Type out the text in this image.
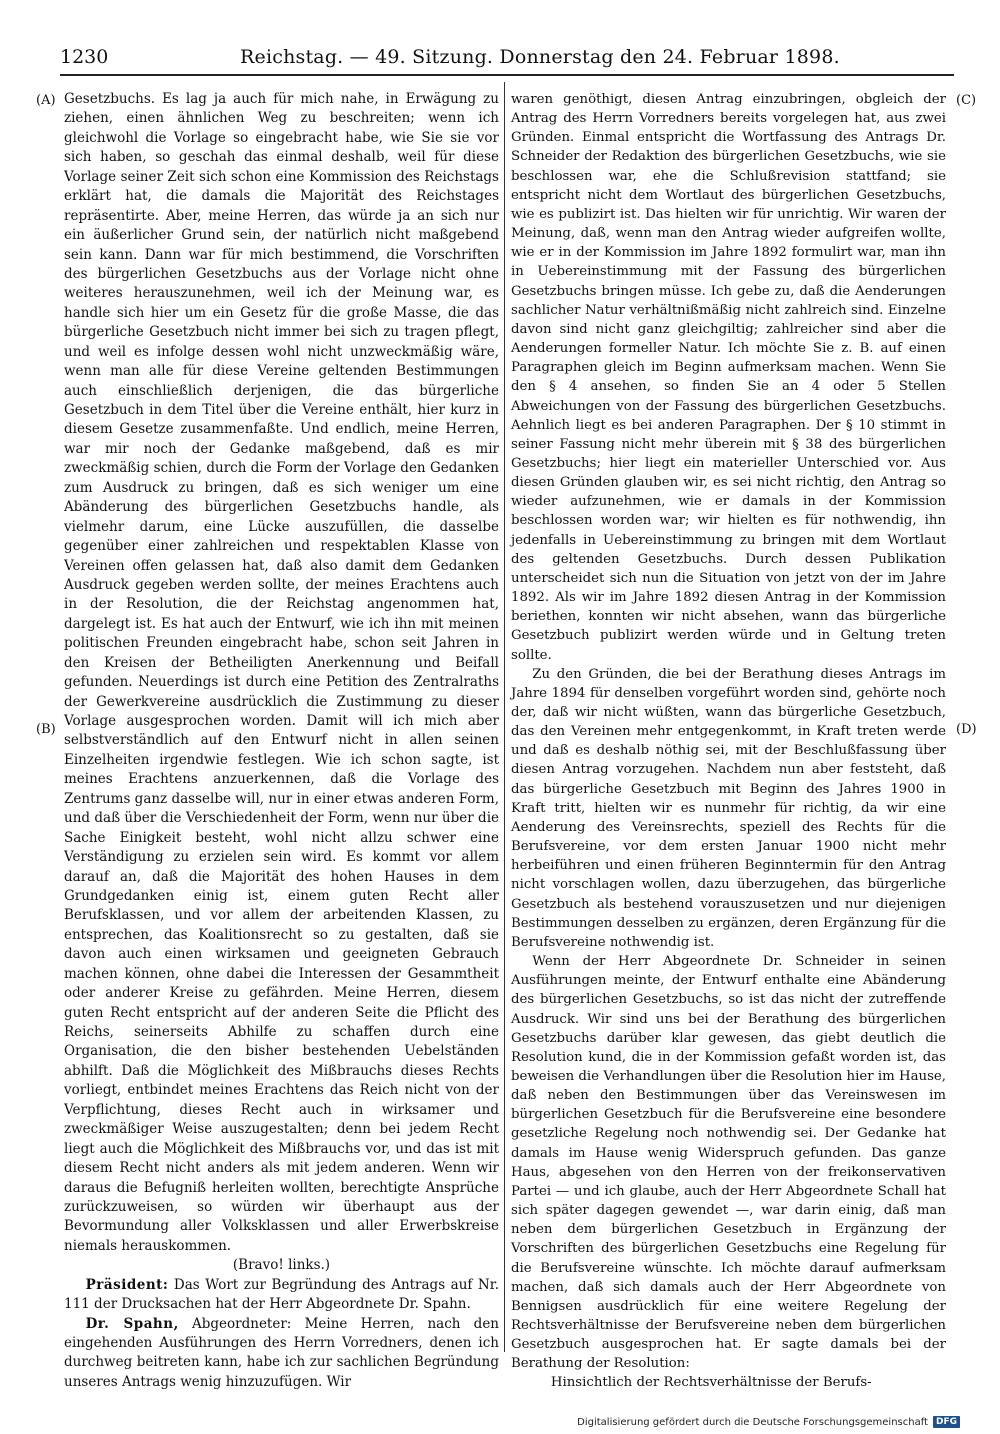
1230	Reichstag. — 49. Sitzung. Donnerstag den 24. Februar 1898.
(A)
(B)
(C)
(D)

Gesetzbuchs. Es lag ja auch für mich nahe, in Erwägung zu ziehen, einen ähnlichen Weg zu beschreiten; wenn ich gleichwohl die Vorlage so eingebracht habe, wie Sie sie vor sich haben, so geschah das einmal deshalb, weil für diese Vorlage seiner Zeit sich schon eine Kommission des Reichstags erklärt hat, die damals die Majorität des Reichstages repräsentirte. Aber, meine Herren, das würde ja an sich nur ein äußerlicher Grund sein, der natürlich nicht maßgebend sein kann. Dann war für mich bestimmend, die Vorschriften des bürgerlichen Gesetzbuchs aus der Vorlage nicht ohne weiteres herauszunehmen, weil ich der Meinung war, es handle sich hier um ein Gesetz für die große Masse, die das bürgerliche Gesetzbuch nicht immer bei sich zu tragen pflegt, und weil es infolge dessen wohl nicht unzweckmäßig wäre, wenn man alle für diese Vereine geltenden Bestimmungen auch einschließlich derjenigen, die das bürgerliche Gesetzbuch in dem Titel über die Vereine enthält, hier kurz in diesem Gesetze zusammenfaßte. Und endlich, meine Herren, war mir noch der Gedanke maßgebend, daß es mir zweckmäßig schien, durch die Form der Vorlage den Gedanken zum Ausdruck zu bringen, daß es sich weniger um eine Abänderung des bürgerlichen Gesetzbuchs handle, als vielmehr darum, eine Lücke auszufüllen, die dasselbe gegenüber einer zahlreichen und respektablen Klasse von Vereinen offen gelassen hat, daß also damit dem Gedanken Ausdruck gegeben werden sollte, der meines Erachtens auch in der Resolution, die der Reichstag angenommen hat, dargelegt ist. Es hat auch der Entwurf, wie ich ihn mit meinen politischen Freunden eingebracht habe, schon seit Jahren in den Kreisen der Betheiligten Anerkennung und Beifall gefunden. Neuerdings ist durch eine Petition des Zentralraths der Gewerkvereine ausdrücklich die Zustimmung zu dieser Vorlage ausgesprochen worden. Damit will ich mich aber selbstverständlich auf den Entwurf nicht in allen seinen Einzelheiten irgendwie festlegen. Wie ich schon sagte, ist meines Erachtens anzuerkennen, daß die Vorlage des Zentrums ganz dasselbe will, nur in einer etwas anderen Form, und daß über die Verschiedenheit der Form, wenn nur über die Sache Einigkeit besteht, wohl nicht allzu schwer eine Verständigung zu erzielen sein wird. Es kommt vor allem darauf an, daß die Majorität des hohen Hauses in dem Grundgedanken einig ist, einem guten Recht aller Berufsklassen, und vor allem der arbeitenden Klassen, zu entsprechen, das Koalitionsrecht so zu gestalten, daß sie davon auch einen wirksamen und geeigneten Gebrauch machen können, ohne dabei die Interessen der Gesammtheit oder anderer Kreise zu gefährden. Meine Herren, diesem guten Recht entspricht auf der anderen Seite die Pflicht des Reichs, seinerseits Abhilfe zu schaffen durch eine Organisation, die den bisher bestehenden Uebelständen abhilft. Daß die Möglichkeit des Mißbrauchs dieses Rechts vorliegt, entbindet meines Erachtens das Reich nicht von der Verpflichtung, dieses Recht auch in wirksamer und zweckmäßiger Weise auszugestalten; denn bei jedem Recht liegt auch die Möglichkeit des Mißbrauchs vor, und das ist mit diesem Recht nicht anders als mit jedem anderen. Wenn wir daraus die Befugniß herleiten wollten, berechtigte Ansprüche zurückzuweisen, so würden wir überhaupt aus der Bevormundung aller Volksklassen und aller Erwerbskreise niemals herauskommen.

(Bravo! links.)

Präsident: Das Wort zur Begründung des Antrags auf Nr. 111 der Drucksachen hat der Herr Abgeordnete Dr. Spahn.

Dr. Spahn, Abgeordneter: Meine Herren, nach den eingehenden Ausführungen des Herrn Vorredners, denen ich durchweg beitreten kann, habe ich zur sachlichen Begründung unseres Antrags wenig hinzuzufügen. Wir

waren genöthigt, diesen Antrag einzubringen, obgleich der Antrag des Herrn Vorredners bereits vorgelegen hat, aus zwei Gründen. Einmal entspricht die Wortfassung des Antrags Dr. Schneider der Redaktion des bürgerlichen Gesetzbuchs, wie sie beschlossen war, ehe die Schlußrevision stattfand; sie entspricht nicht dem Wortlaut des bürgerlichen Gesetzbuchs, wie es publizirt ist. Das hielten wir für unrichtig. Wir waren der Meinung, daß, wenn man den Antrag wieder aufgreifen wollte, wie er in der Kommission im Jahre 1892 formulirt war, man ihn in Uebereinstimmung mit der Fassung des bürgerlichen Gesetzbuchs bringen müsse. Ich gebe zu, daß die Aenderungen sachlicher Natur verhältnißmäßig nicht zahlreich sind. Einzelne davon sind nicht ganz gleichgiltig; zahlreicher sind aber die Aenderungen formeller Natur. Ich möchte Sie z. B. auf einen Paragraphen gleich im Beginn aufmerksam machen. Wenn Sie den § 4 ansehen, so finden Sie an 4 oder 5 Stellen Abweichungen von der Fassung des bürgerlichen Gesetzbuchs. Aehnlich liegt es bei anderen Paragraphen. Der § 10 stimmt in seiner Fassung nicht mehr überein mit § 38 des bürgerlichen Gesetzbuchs; hier liegt ein materieller Unterschied vor. Aus diesen Gründen glauben wir, es sei nicht richtig, den Antrag so wieder aufzunehmen, wie er damals in der Kommission beschlossen worden war; wir hielten es für nothwendig, ihn jedenfalls in Uebereinstimmung zu bringen mit dem Wortlaut des geltenden Gesetzbuchs. Durch dessen Publikation unterscheidet sich nun die Situation von jetzt von der im Jahre 1892. Als wir im Jahre 1892 diesen Antrag in der Kommission beriethen, konnten wir nicht absehen, wann das bürgerliche Gesetzbuch publizirt werden würde und in Geltung treten sollte.

Zu den Gründen, die bei der Berathung dieses Antrags im Jahre 1894 für denselben vorgeführt worden sind, gehörte noch der, daß wir nicht wüßten, wann das bürgerliche Gesetzbuch, das den Vereinen mehr entgegenkommt, in Kraft treten werde und daß es deshalb nöthig sei, mit der Beschlußfassung über diesen Antrag vorzugehen. Nachdem nun aber feststeht, daß das bürgerliche Gesetzbuch mit Beginn des Jahres 1900 in Kraft tritt, hielten wir es nunmehr für richtig, da wir eine Aenderung des Vereinsrechts, speziell des Rechts für die Berufsvereine, vor dem ersten Januar 1900 nicht mehr herbeiführen und einen früheren Beginntermin für den Antrag nicht vorschlagen wollen, dazu überzugehen, das bürgerliche Gesetzbuch als bestehend vorauszusetzen und nur diejenigen Bestimmungen desselben zu ergänzen, deren Ergänzung für die Berufsvereine nothwendig ist.

Wenn der Herr Abgeordnete Dr. Schneider in seinen Ausführungen meinte, der Entwurf enthalte eine Abänderung des bürgerlichen Gesetzbuchs, so ist das nicht der zutreffende Ausdruck. Wir sind uns bei der Berathung des bürgerlichen Gesetzbuchs darüber klar gewesen, das giebt deutlich die Resolution kund, die in der Kommission gefaßt worden ist, das beweisen die Verhandlungen über die Resolution hier im Hause, daß neben den Bestimmungen über das Vereinswesen im bürgerlichen Gesetzbuch für die Berufsvereine eine besondere gesetzliche Regelung noch nothwendig sei. Der Gedanke hat damals im Hause wenig Widerspruch gefunden. Das ganze Haus, abgesehen von den Herren von der freikonservativen Partei — und ich glaube, auch der Herr Abgeordnete Schall hat sich später dagegen gewendet —, war darin einig, daß man neben dem bürgerlichen Gesetzbuch in Ergänzung der Vorschriften des bürgerlichen Gesetzbuchs eine Regelung für die Berufsvereine wünschte. Ich möchte darauf aufmerksam machen, daß sich damals auch der Herr Abgeordnete von Bennigsen ausdrücklich für eine weitere Regelung der Rechtsverhältnisse der Berufsvereine neben dem bürgerlichen Gesetzbuch ausgesprochen hat. Er sagte damals bei der Berathung der Resolution:

Hinsichtlich der Rechtsverhältnisse der Berufs-

Digitalisierung gefördert durch die Deutsche Forschungsgemeinschaft DFG
